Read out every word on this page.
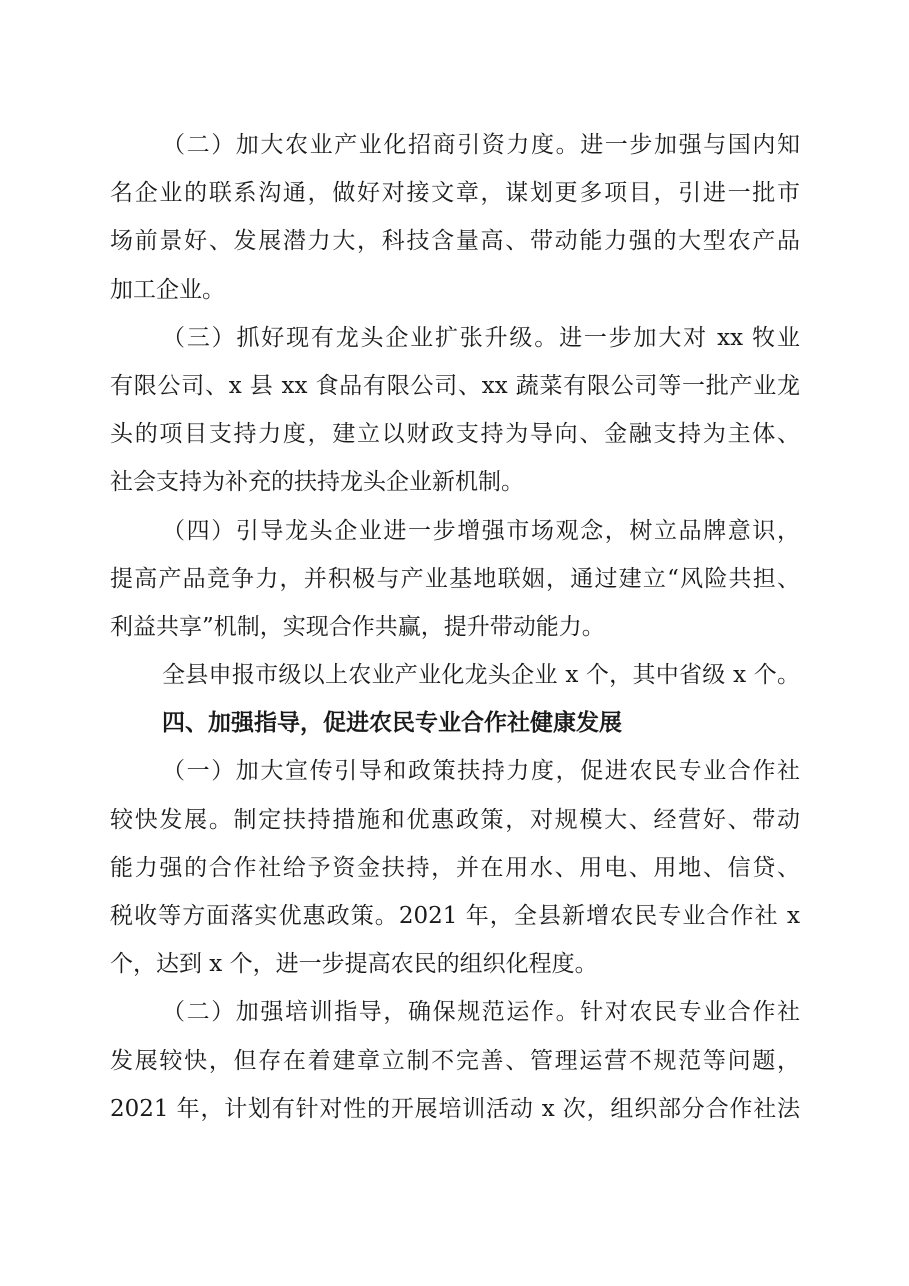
（二）加大农业产业化招商引资力度。进一步加强与国内知
名企业的联系沟通，做好对接文章，谋划更多项目，引进一批市
场前景好、发展潜力大，科技含量高、带动能力强的大型农产品
加工企业。
（三）抓好现有龙头企业扩张升级。进一步加大对 xx 牧业
有限公司、x 县 xx 食品有限公司、xx 蔬菜有限公司等一批产业龙
头的项目支持力度，建立以财政支持为导向、金融支持为主体、
社会支持为补充的扶持龙头企业新机制。
（四）引导龙头企业进一步增强市场观念，树立品牌意识，
提高产品竞争力，并积极与产业基地联姻，通过建立“风险共担、
利益共享”机制，实现合作共赢，提升带动能力。
全县申报市级以上农业产业化龙头企业 x 个，其中省级 x 个。
四、加强指导，促进农民专业合作社健康发展
（一）加大宣传引导和政策扶持力度，促进农民专业合作社
较快发展。制定扶持措施和优惠政策，对规模大、经营好、带动
能力强的合作社给予资金扶持，并在用水、用电、用地、信贷、
税收等方面落实优惠政策。2021 年，全县新增农民专业合作社 x
个，达到 x 个，进一步提高农民的组织化程度。
（二）加强培训指导，确保规范运作。针对农民专业合作社
发展较快，但存在着建章立制不完善、管理运营不规范等问题，
2021 年，计划有针对性的开展培训活动 x 次，组织部分合作社法
